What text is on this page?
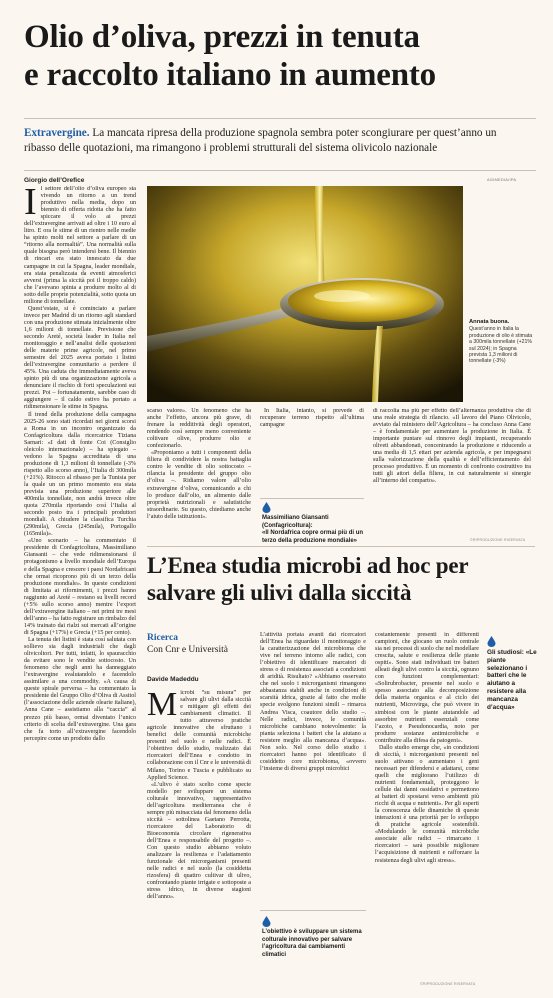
Olio d’oliva, prezzi in tenuta
e raccolto italiano in aumento

Extravergine. La mancata ripresa della produzione spagnola sembra poter scongiurare per quest’anno un ribasso delle quotazioni, ma rimangono i problemi strutturali del sistema olivicolo nazionale

Giorgio dell’Orefice	AGIMEDIA/IPA

Il settore dell’olio d’oliva europeo sta vivendo un ritorno a un trend produttivo nella media, dopo un biennio di offerta ridotta che ha fatto spiccare il volo ai prezzi dell’extravergine arrivati ad oltre i 10 euro al litro. E ora le stime di un rientro nelle medie ha spinto molti nel settore a parlare di un “ritorno alla normalità”. Una normalità sulla quale bisogna però intendersi bene. Il biennio di rincari era stato innescato da due campagne in cui la Spagna, leader mondiale, era stata penalizzata da eventi atmosferici avversi (prima la siccità poi il troppo caldo) che l’avevano spinta a produrre molto al di sotto delle proprie potenzialità, sotto quota un milione di tonnellate.

Quest’estate, si è cominciato a parlare invece per Madrid di un ritorno agli standard con una produzione stimata inizialmente oltre 1,6 milioni di tonnellate. Previsione che secondo Areté, società leader in Italia nel monitoraggio e nell’analisi delle quotazioni delle materie prime agricole, nel primo semestre del 2025 aveva portato i listini dell’extravergine comunitario a perdere il 45%. Una caduta che immediatamente aveva spinto più di una organizzazione agricola a denunciare il rischio di forti speculazioni sui prezzi. Poi – fortunatamente, sarebbe caso di aggiungere – il caldo estivo ha portato a ridimensionare le stime in Spagna.

Il trend della produzione della campagna 2025-26 sono stati ricordati nei giorni scorsi a Roma in un incontro organizzato da Confagricoltura dalla ricercatrice Tiziana Sarnari: «I dati di fonte Coi (Consiglio oleicolo internazionale) – ha spiegato – vedono la Spagna accreditata di una produzione di 1,3 milioni di tonnellate (-3% rispetto allo scorso anno), l’Italia di 300mila (+21%). Ritocco al ribasso per la Tunisia per la quale un un primo momento era stata prevista una produzione superiore alle 400mila tonnellate, non andrà invece oltre quota 270mila riportando così l’Italia al secondo posto tra i principali produttori mondiali. A chiudere la classifica Turchia (290mila), Grecia (245mila), Portogallo (165mila)».

«Uno scenario – ha commentato il presidente di Confagricoltura, Massimiliano Giansanti – che vede ridimensionarsi il protagonismo a livello mondiale dell’Europa e della Spagna e crescere i paesi Nordafricani che ormai ricoprono più di un terzo della produzione mondiale». In queste condizioni di limitata ai rifornimenti, i prezzi hanno raggiunto ad Areté – restano su livelli record (+5% sullo scorso anno) mentre l’export dell’extravergine italiano – nei primi tre mesi dell’anno – ha fatto registrare un rimbalzo del 14% trainato dai rialzi sui mercati all’origine di Spagna (+17%) e Grecia (+15 per cento).

La tenuta dei listini è stata così salutata con sollievo sia dagli industriali che dagli olivicoltori. Per tutti, infatti, lo spauracchio da evitare sono le vendite sottocosto. Un fenomeno che negli anni ha danneggiato l’extravergine svalutandolo e facendolo assimilare a una commodity. «A causa di queste spirale perversa – ha commentato la presidente del Gruppo Olio d’Oliva di Assitol (l’associazione delle aziende olearie italiane), Anna Cane – assistiamo alla “caccia” al prezzo più basso, ormai diventato l’unico criterio di scelta dell’extravergine. Una gara che fa torto all’extravergine facendolo percepire come un prodotto dallo

Annata buona.
Quest’anno in Italia la produzione di olio è stimata a 300mila tonnellate (+21% sul 2024); in Spagna prevista 1,3 milioni di tonnellate (-3%)

scarso valore». Un fenomeno che ha anche l’effetto, ancora più grave, di frenare la redditività degli operatori, rendendo così sempre meno conveniente coltivare olive, produrre olio e confezionarlo.

«Proponiamo a tutti i componenti della filiera di condividere la nostra battaglia contro le vendite di olio sottocosto – rilancia la presidente del gruppo olio d’oliva –. Ridiamo valore all’olio extravergine d’oliva, comunicando a chi lo produce dall’olio, un alimento dalle proprietà nutrizionali e salutistiche straordinarie. Su questo, chiediamo anche l’aiuto delle istituzioni».

In Italia, intanto, si prevede di recuperare terreno rispetto all’ultima campagne

Massimiliano Giansanti (Confagricoltura):
«Il Nordafrica copre ormai più di un terzo della produzione mondiale»

di raccolta ma più per effetto dell’alternanza produttiva che di una reale strategia di rilancio. «Il lavoro del Piano Olivicolo, avviato dal ministero dell’Agricoltura – ha concluso Anna Cane – è fondamentale per aumentare la produzione in Italia. È importante puntare sul rinnovo degli impianti, recuperando oliveti abbandonati, concentrando la produzione e riducendo a una media di 1,5 ettari per azienda agricola, e per impegnarsi sulla valorizzazione della qualità e dell’efficientamento del processo produttivo. È un momento di confronto costruttivo tra tutti gli attori della filiera, in cui naturalmente si sinergie all’interno del comparto».

©RIPRODUZIONE RISERVATA
L’Enea studia microbi ad hoc per salvare gli ulivi dalla siccità
Ricerca
Con Cnr e Università
Davide Madeddu

Microbi “su misura” per salvare gli ulivi dalla siccità e mitigare gli effetti dei cambiamenti climatici. Il tutto attraverso pratiche agricole innovative che sfruttano i benefici delle comunità microbiche presenti nel suolo e nelle radici. È l’obiettivo dello studio, realizzato dai ricercatori dell’Enea e condotto in collaborazione con il Cnr e le università di Milano, Torino e Tuscia e pubblicato su Applied Science.

«L’ulivo è stato scelto come specie modello per sviluppare un sistema colturale innovativo, rappresentativo dell’agricoltura mediterranea che è sempre più minacciata dal fenomeno della siccità – sottolinea Gaetano Perrotta, ricercatore del Laboratorio di Bioeconomia circolare rigenerativa dell’Enea e responsabile del progetto –. Con questo studio abbiamo voluto analizzare la resilienza e l’adattamento funzionale dei microrganismi presenti nelle radici e nel suolo (la cosiddetta rizosfera) di quattro cultivar di ulivo, confrontando piante irrigate e sottoposte a stress idrico, in diverse stagioni dell’anno».

L’attività portata avanti dai ricercatori dell’Enea ha riguardato il monitoraggio e la caratterizzazione del microbioma che vive nel terreno intorno alle radici, con l’obiettivo di identificare marcatori di stress o di resistenza associati a condizioni di aridità. Risultato? «Abbiamo osservato che nel suolo i microrganismi rimangono abbastanza stabili anche in condizioni di scarsità idrica, grazie al fatto che molte specie svolgono funzioni simili – rimarca Andrea Visca, coautore dello studio –. Nelle radici, invece, le comunità microbiche cambiano notevolmente: la pianta seleziona i batteri che la aiutano a resistere meglio alla mancanza d’acqua». Non solo. Nel corso dello studio i ricercatori hanno poi identificato il cosiddetto core microbioma, «ovvero l’insieme di diversi gruppi microbici

L’obiettivo è sviluppare un sistema colturale innovativo per salvare l’agricoltura dai cambiamenti climatici

costantemente presenti in differenti campioni, che giocano un ruolo centrale sia nei processi di suolo che nel modellare crescita, salute e resilienza delle piante ospiti». Sono stati individuati tre batteri alleati degli ulivi contro la siccità, ognuno con funzioni complementari: «Solirubrobacter, presente nel suolo e spesso associato alla decomposizione della materia organica e al ciclo dei nutrienti, Microvirga, che può vivere in simbiosi con le piante aiutandole ad assorbire nutrienti essenziali come l’azoto, e Pseudonocardia, noto per produrre sostanze antimicrobiche e contribuire alla difesa da patogeni».

Dallo studio emerge che, «in condizioni di siccità, i microrganismi presenti nel suolo attivano o aumentano i geni necessari per difendersi e adattarsi, come quelli che migliorano l’utilizzo di nutrienti fondamentali, proteggono le cellule dai danni ossidativi e permettono ai batteri di spostarsi verso ambienti più ricchi di acqua e nutrienti». Per gli esperti la conoscenza delle dinamiche di queste interazioni è una priorità per lo sviluppo di pratiche agricole sostenibili. «Modulando le comunità microbiche associate alle radici – rimarcano i ricercatori – sarà possibile migliorare l’acquisizione di nutrienti e rafforzare la resistenza degli ulivi agli stress».

©RIPRODUZIONE RISERVATA
Gli studiosi: «Le piante selezionano i batteri che le aiutano a resistere alla mancanza d’acqua»
